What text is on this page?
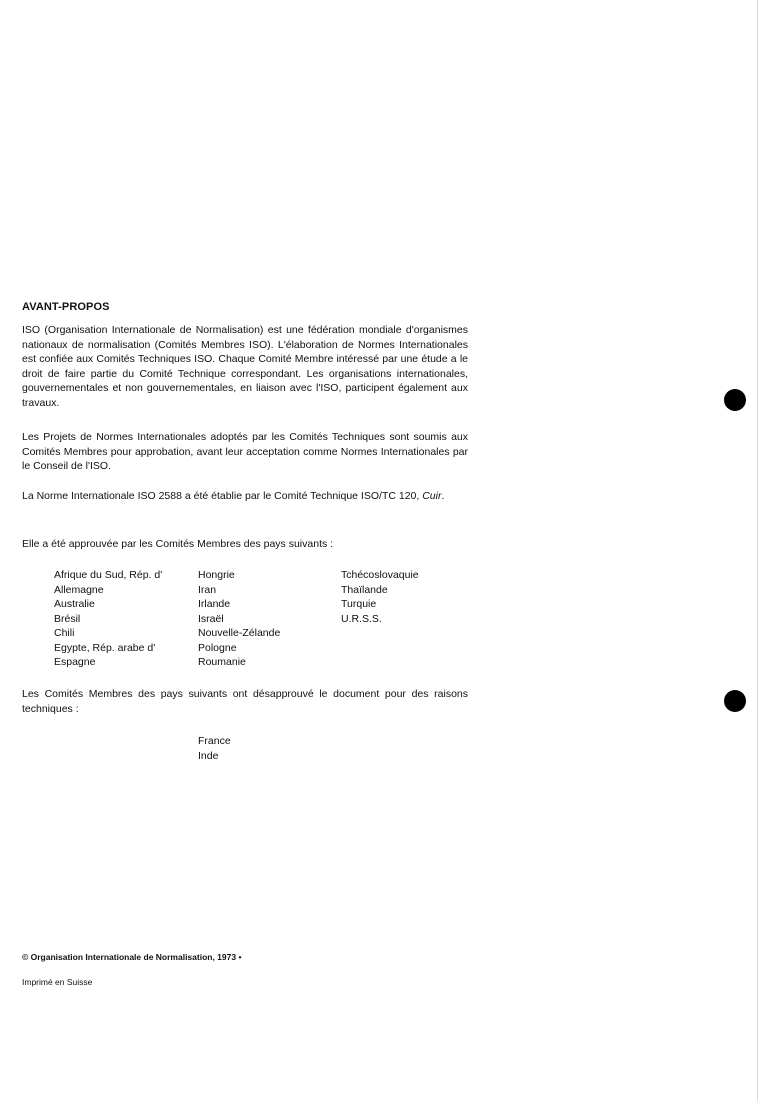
AVANT-PROPOS

ISO (Organisation Internationale de Normalisation) est une fédération mondiale d'organismes nationaux de normalisation (Comités Membres ISO). L'élaboration de Normes Internationales est confiée aux Comités Techniques ISO. Chaque Comité Membre intéressé par une étude a le droit de faire partie du Comité Technique correspondant. Les organisations internationales, gouvernementales et non gouvernementales, en liaison avec l'ISO, participent également aux travaux.

Les Projets de Normes Internationales adoptés par les Comités Techniques sont soumis aux Comités Membres pour approbation, avant leur acceptation comme Normes Internationales par le Conseil de l'ISO.

La Norme Internationale ISO 2588 a été établie par le Comité Technique ISO/TC 120, Cuir.

Elle a été approuvée par les Comités Membres des pays suivants :

Afrique du Sud, Rép. d'
Allemagne
Australie
Brésil
Chili
Egypte, Rép. arabe d'
Espagne
Hongrie
Iran
Irlande
Israël
Nouvelle-Zélande
Pologne
Roumanie
Tchécoslovaquie
Thaïlande
Turquie
U.R.S.S.

Les Comités Membres des pays suivants ont désapprouvé le document pour des raisons techniques :

France
Inde
© Organisation Internationale de Normalisation, 1973 •
Imprimé en Suisse
